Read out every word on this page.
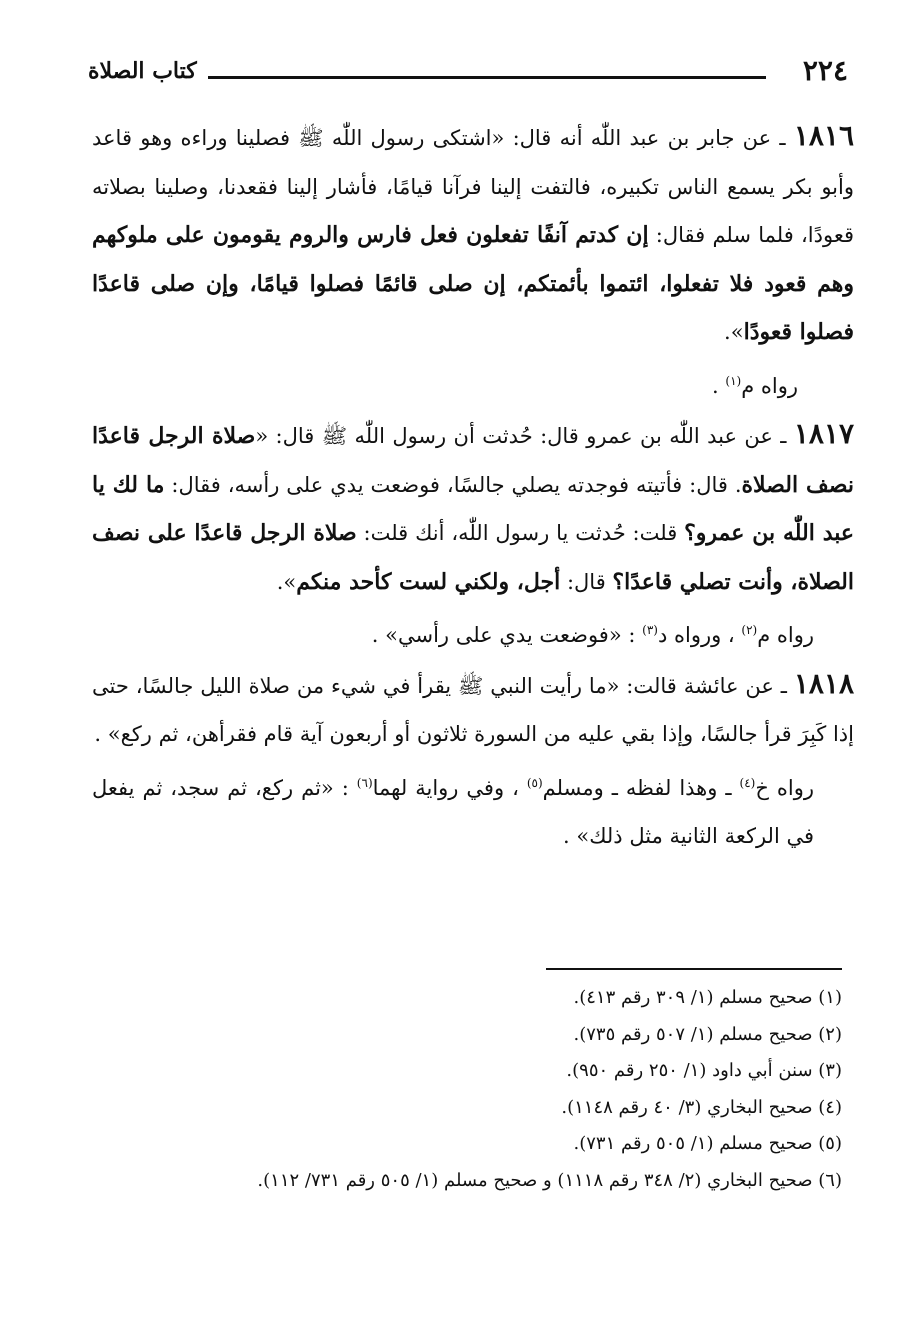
كتاب الصلاة	٢٢٤

١٨١٦ ـ عن جابر بن عبد اللّٰه أنه قال: «اشتكى رسول اللّٰه ﷺ فصلينا وراءه وهو قاعد وأبو بكر يسمع الناس تكبيره، فالتفت إلينا فرآنا قيامًا، فأشار إلينا فقعدنا، وصلينا بصلاته قعودًا، فلما سلم فقال: إن كدتم آنفًا تفعلون فعل فارس والروم يقومون على ملوكهم وهم قعود فلا تفعلوا، ائتموا بأئمتكم، إن صلى قائمًا فصلوا قيامًا، وإن صلى قاعدًا فصلوا قعودًا».

رواه م$^{(١)}$ .

١٨١٧ ـ عن عبد اللّٰه بن عمرو قال: حُدثت أن رسول اللّٰه ﷺ قال: «صلاة الرجل قاعدًا نصف الصلاة. قال: فأتيته فوجدته يصلي جالسًا، فوضعت يدي على رأسه، فقال: ما لك يا عبد اللّٰه بن عمرو؟ قلت: حُدثت يا رسول اللّٰه، أنك قلت: صلاة الرجل قاعدًا على نصف الصلاة، وأنت تصلي قاعدًا؟ قال: أجل، ولكني لست كأحد منكم».

رواه م$^{(٢)}$ ، ورواه د$^{(٣)}$ : «فوضعت يدي على رأسي» .

١٨١٨ ـ عن عائشة قالت: «ما رأيت النبي ﷺ يقرأ في شيء من صلاة الليل جالسًا، حتى إذا كَبِرَ قرأ جالسًا، وإذا بقي عليه من السورة ثلاثون أو أربعون آية قام فقرأهن، ثم ركع» .

رواه خ$^{(٤)}$ ـ وهذا لفظه ـ ومسلم$^{(٥)}$ ، وفي رواية لهما$^{(٦)}$ : «ثم ركع، ثم سجد، ثم يفعل في الركعة الثانية مثل ذلك» .

(١) صحيح مسلم (١/ ٣٠٩ رقم ٤١٣).
(٢) صحيح مسلم (١/ ٥٠٧ رقم ٧٣٥).
(٣) سنن أبي داود (١/ ٢٥٠ رقم ٩٥٠).
(٤) صحيح البخاري (٣/ ٤٠ رقم ١١٤٨).
(٥) صحيح مسلم (١/ ٥٠٥ رقم ٧٣١).
(٦) صحيح البخاري (٢/ ٣٤٨ رقم ١١١٨) و صحيح مسلم (١/ ٥٠٥ رقم ٧٣١/ ١١٢).
